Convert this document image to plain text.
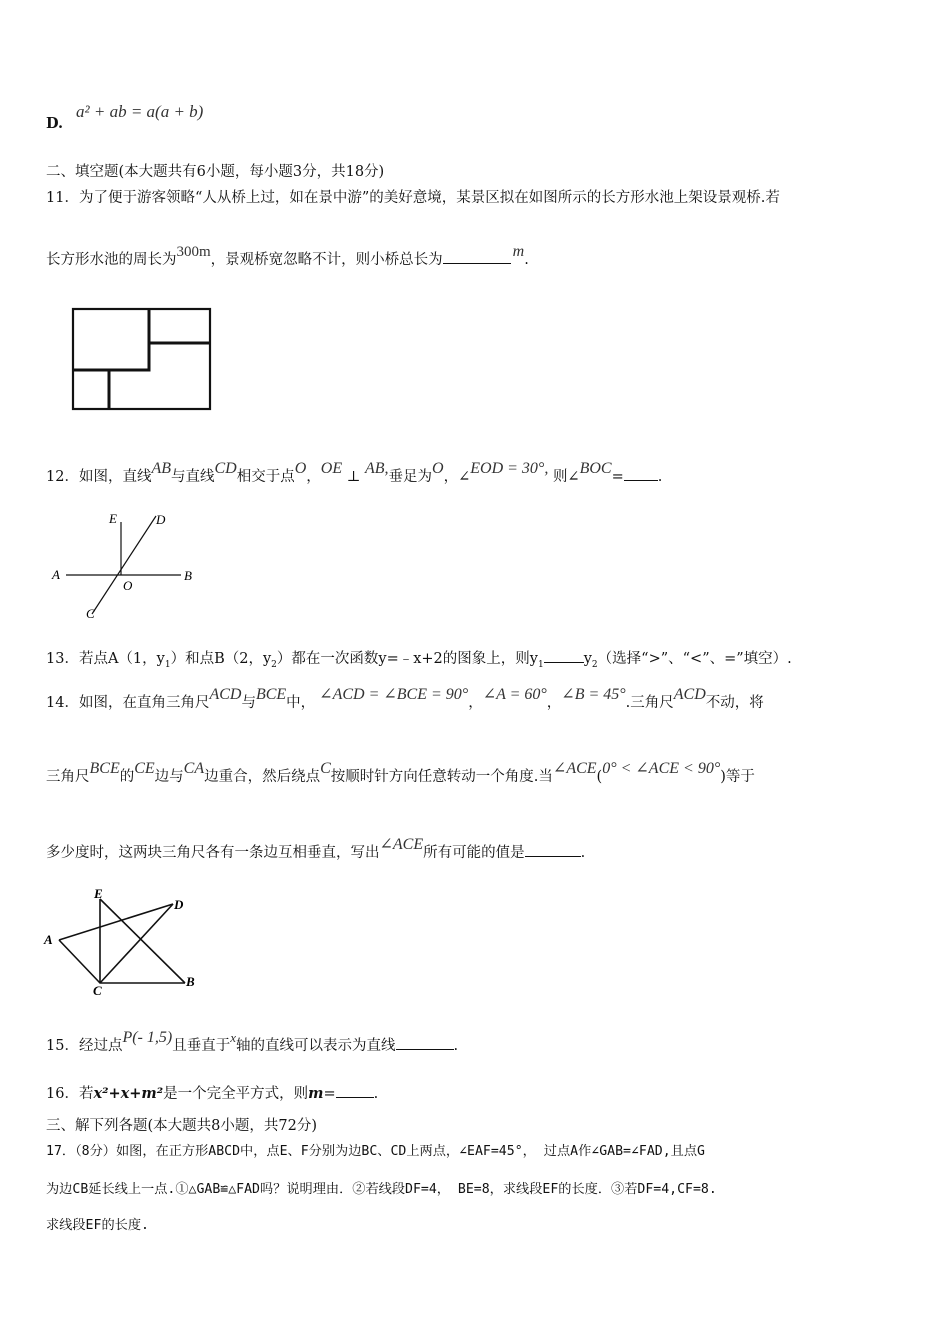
D.
a² + ab = a(a + b)
二、填空题(本大题共有6小题，每小题3分，共18分)
11．为了便于游客领略“人从桥上过，如在景中游”的美好意境，某景区拟在如图所示的长方形水池上架设景观桥.若
长方形水池的周长为300m，景观桥宽忽略不计，则小桥总长为	m.
12．如图，直线AB与直线CD相交于点O，OE ⊥ AB,垂足为O，∠EOD = 30°, 则∠BOC= .
E	D
A
O
B
C
13．若点A（1，$y_1$）和点B（2，$y_2$）都在一次函数y=﹣x+2的图象上，则$y_1$	$y_2$（选择“>”、“<”、=”填空）.
14．如图，在直角三角尺ACD与BCE中， ∠ACD = ∠BCE = 90°，∠A = 60°，∠B = 45°.三角尺ACD不动，将
三角尺BCE的CE边与CA边重合，然后绕点C按顺时针方向任意转动一个角度.当∠ACE(0° < ∠ACE < 90°)等于
多少度时，这两块三角尺各有一条边互相垂直，写出∠ACE所有可能的值是	.
E
D
A
C
B
15．经过点P(- 1,5)且垂直于x轴的直线可以表示为直线	.
16．若x²+x+m²是一个完全平方式，则m=	.
三、解下列各题(本大题共8小题，共72分)
17．（8分）如图，在正方形ABCD中，点E、F分别为边BC、CD上两点，∠EAF=45°， 过点A作∠GAB=∠FAD,且点G
为边CB延长线上一点.①△GAB≌△FAD吗？说明理由．②若线段DF=4， BE=8，求线段EF的长度．③若DF=4,CF=8.
求线段EF的长度.
